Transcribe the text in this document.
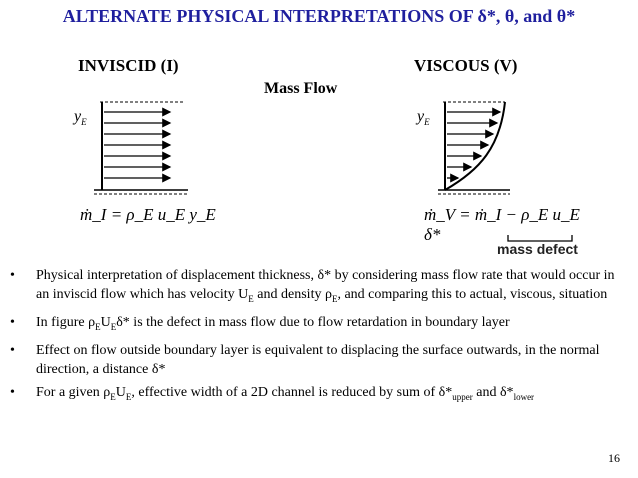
ALTERNATE PHYSICAL INTERPRETATIONS OF δ*, θ, and θ*
INVISCID (I)	VISCOUS (V)
Mass Flow
$y_E$	$y_E$
ṁ_I = ρ_E u_E y_E	ṁ_V = ṁ_I − ρ_E u_E δ*
mass defect
• Physical interpretation of displacement thickness, δ* by considering mass flow rate that would occur in an inviscid flow which has velocity $U_E$ and density $\rho_E$, and comparing this to actual, viscous, situation
• In figure $\rho_EU_E\delta*$ is the defect in mass flow due to flow retardation in boundary layer
• Effect on flow outside boundary layer is equivalent to displacing the surface outwards, in the normal direction, a distance δ*
• For a given $\rho_EU_E$, effective width of a 2D channel is reduced by sum of $\delta*_{upper}$ and $\delta*_{lower}$
16
